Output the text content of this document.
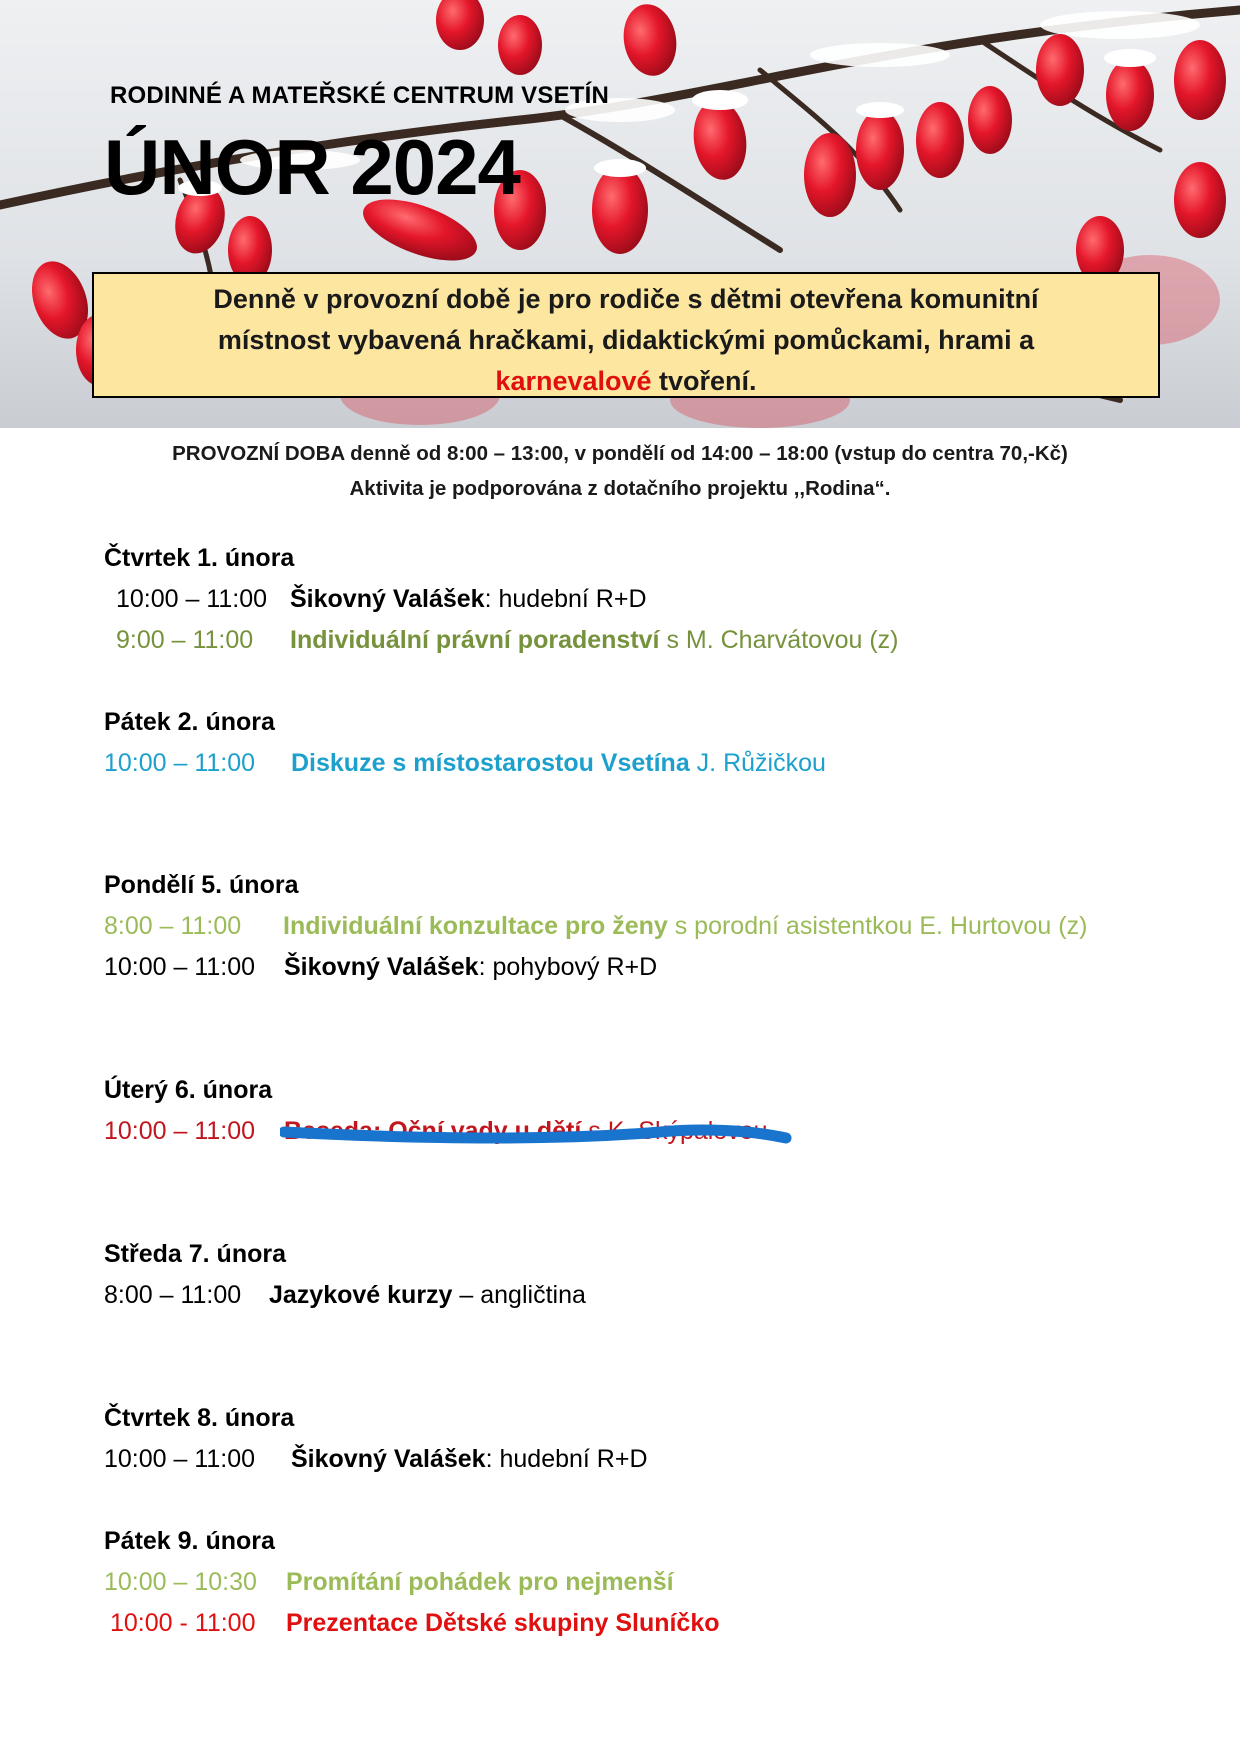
RODINNÉ A MATEŘSKÉ CENTRUM VSETÍN
ÚNOR 2024
Denně v provozní době je pro rodiče s dětmi otevřena komunitní
místnost vybavená hračkami, didaktickými pomůckami, hrami a
karnevalové tvoření.
PROVOZNÍ DOBA denně od 8:00 – 13:00, v pondělí od 14:00 – 18:00 (vstup do centra 70,-Kč)
Aktivita je podporována z dotačního projektu ,,Rodina“.
Čtvrtek 1. února
10:00 – 11:00 Šikovný Valášek: hudební R+D
9:00 – 11:00 Individuální právní poradenství s M. Charvátovou (z)
Pátek 2. února
10:00 – 11:00 Diskuze s místostarostou Vsetína J. Růžičkou
Pondělí 5. února
8:00 – 11:00 Individuální konzultace pro ženy s porodní asistentkou E. Hurtovou (z)
10:00 – 11:00 Šikovný Valášek: pohybový R+D
Úterý 6. února
10:00 – 11:00 Beseda: Oční vady u dětí s K. Skýpalovou
Středa 7. února
8:00 – 11:00 Jazykové kurzy – angličtina
Čtvrtek 8. února
10:00 – 11:00 Šikovný Valášek: hudební R+D
Pátek 9. února
10:00 – 10:30 Promítání pohádek pro nejmenší
10:00 - 11:00 Prezentace Dětské skupiny Sluníčko
